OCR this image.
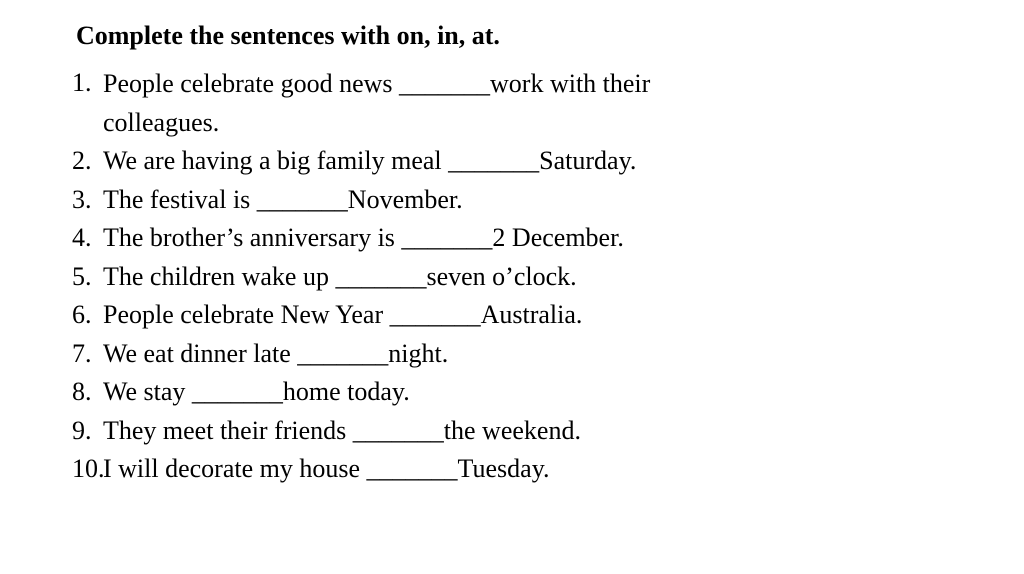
Complete the sentences with on, in, at.
1. People celebrate good news _______work with their colleagues.
2. We are having a big family meal _______Saturday.
3. The festival is _______November.
4. The brother’s anniversary is _______2 December.
5. The children wake up _______seven o’clock.
6. People celebrate New Year _______Australia.
7. We eat dinner late _______night.
8. We stay _______home today.
9. They meet their friends _______the weekend.
10.
I will decorate my house _______Tuesday.
